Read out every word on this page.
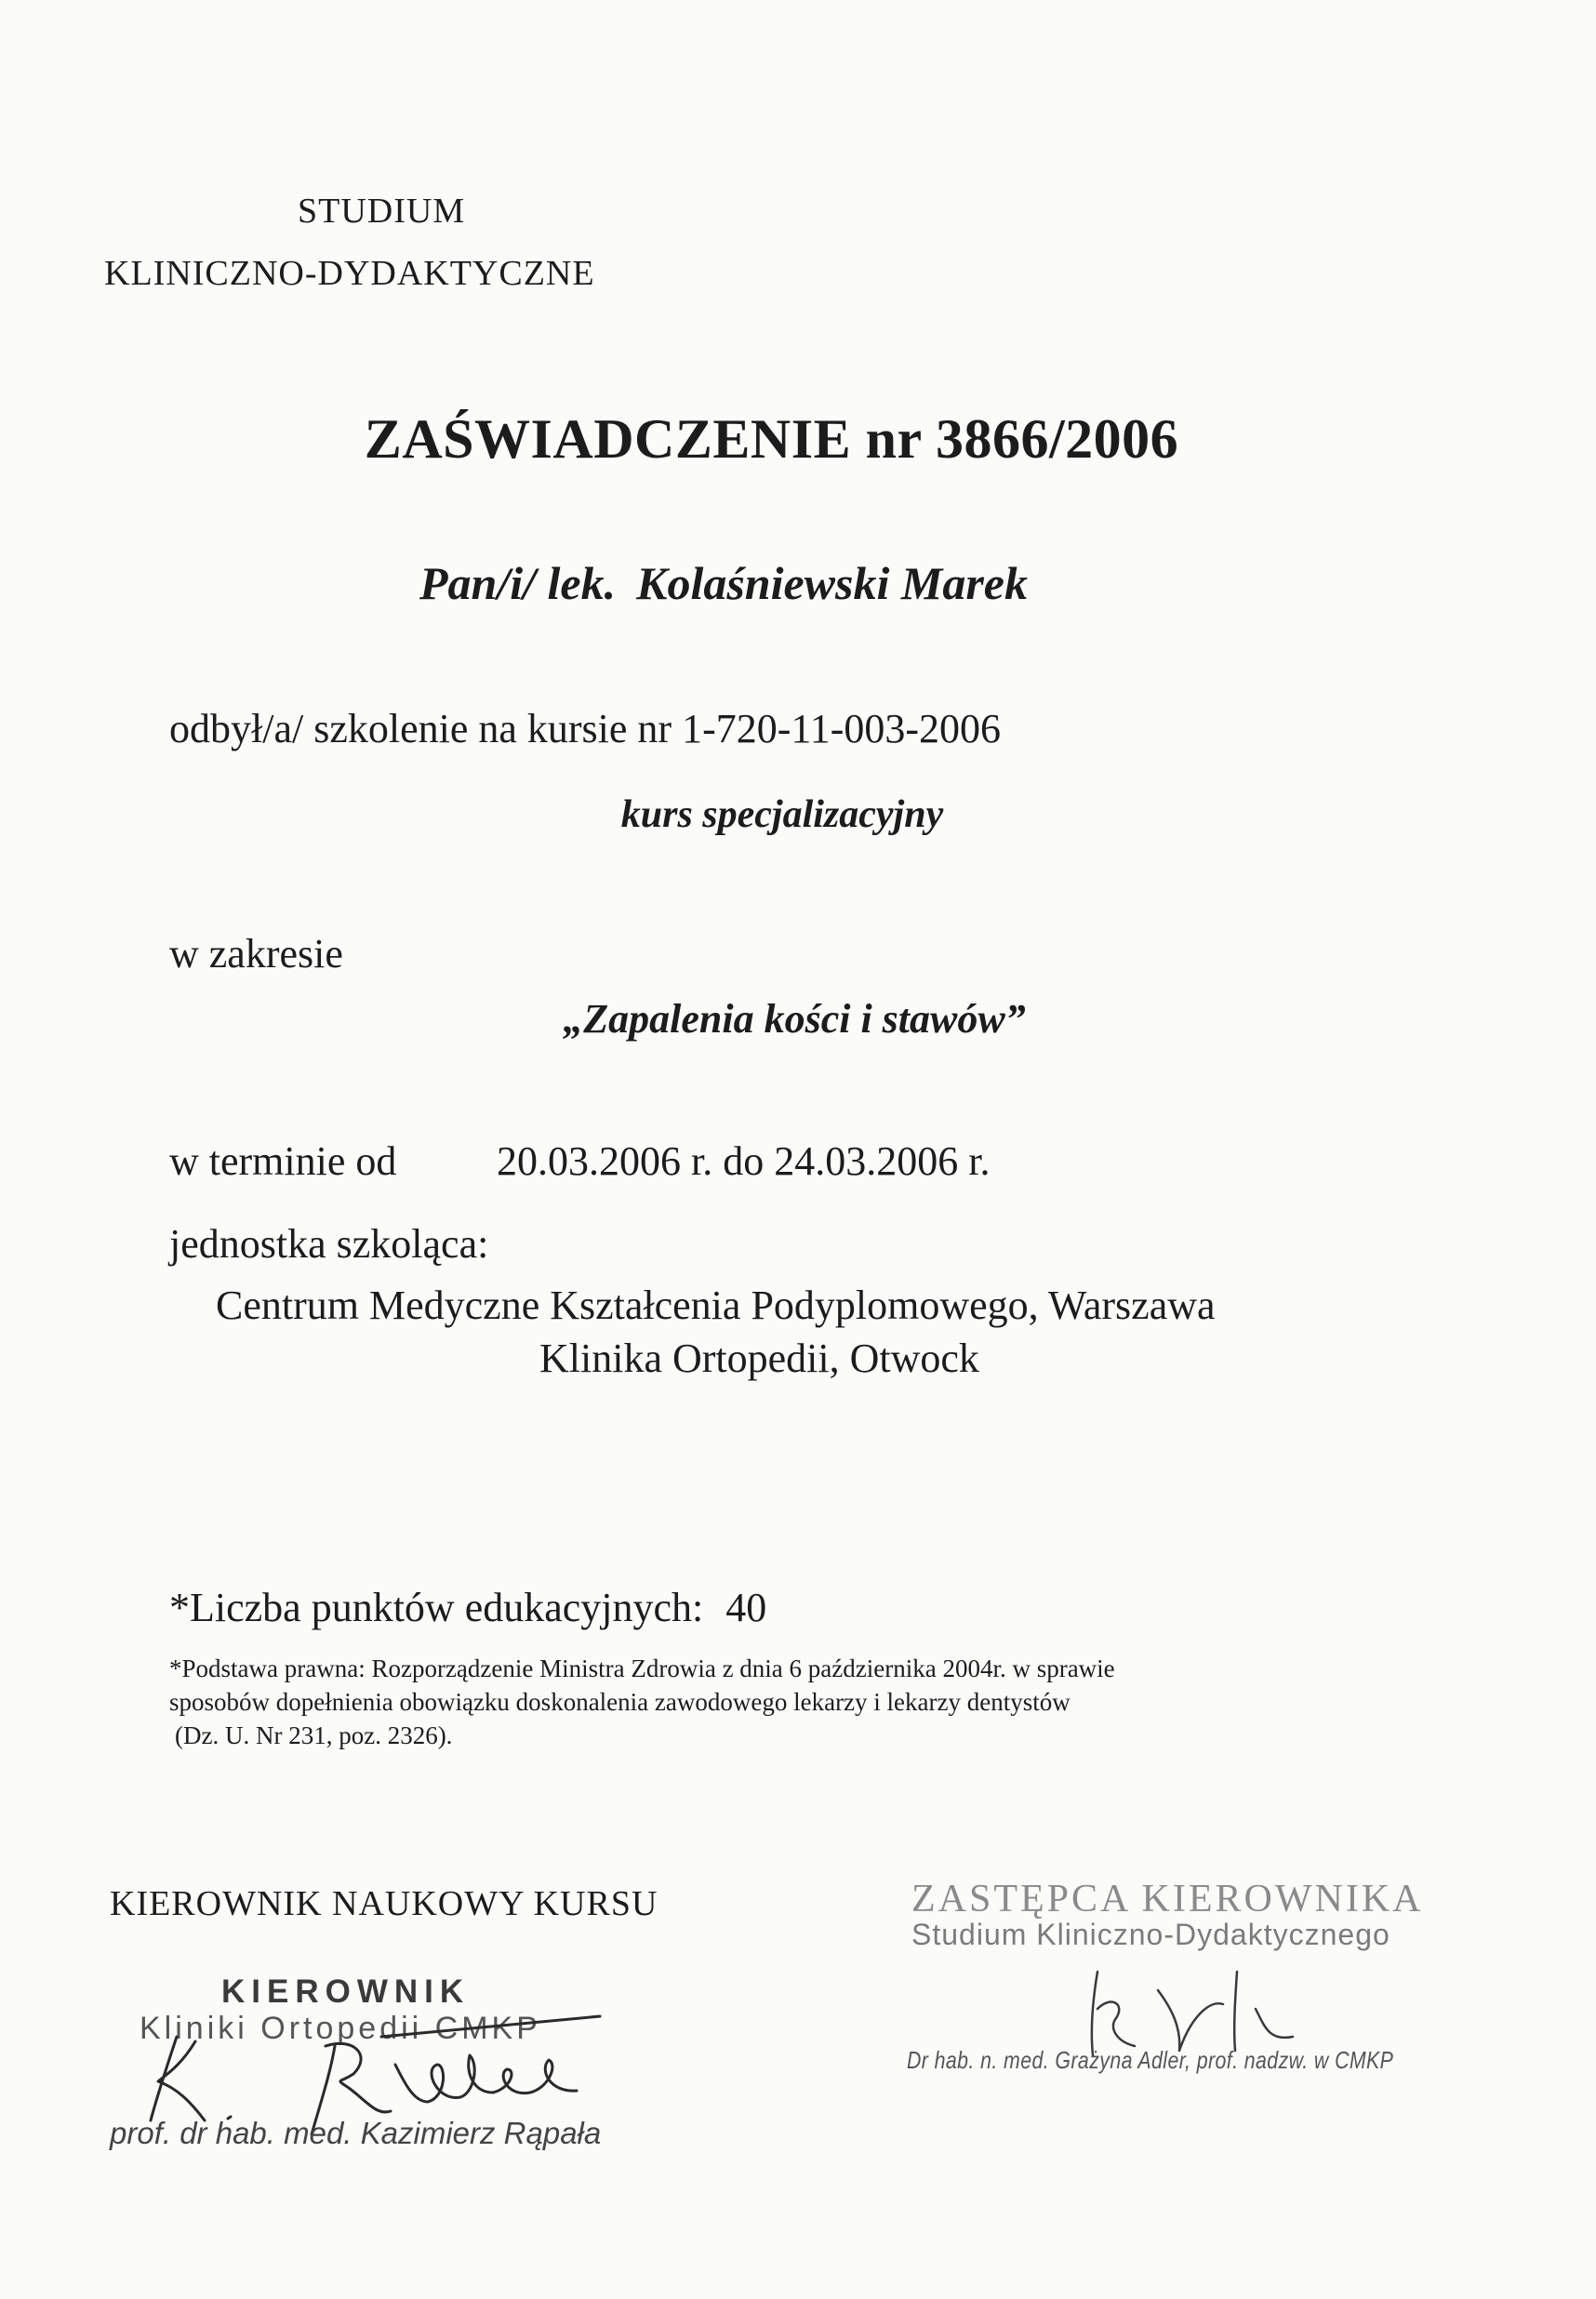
STUDIUM
KLINICZNO-DYDAKTYCZNE
ZAŚWIADCZENIE nr 3866/2006
Pan/i/ lek. Kolaśniewski Marek
odbył/a/ szkolenie na kursie nr 1-720-11-003-2006
kurs specjalizacyjny
w zakresie
„Zapalenia kości i stawów”
w terminie od 20.03.2006 r. do 24.03.2006 r.
jednostka szkoląca:
Centrum Medyczne Kształcenia Podyplomowego, Warszawa
Klinika Ortopedii, Otwock
*Liczba punktów edukacyjnych: 40
*Podstawa prawna: Rozporządzenie Ministra Zdrowia z dnia 6 października 2004r. w sprawie
sposobów dopełnienia obowiązku doskonalenia zawodowego lekarzy i lekarzy dentystów
(Dz. U. Nr 231, poz. 2326).
KIEROWNIK NAUKOWY KURSU
KIEROWNIK
Kliniki Ortopedii CMKP
prof. dr hab. med. Kazimierz Rąpała
ZASTĘPCA KIEROWNIKA
Studium Kliniczno-Dydaktycznego
Dr hab. n. med. Grażyna Adler, prof. nadzw. w CMKP
